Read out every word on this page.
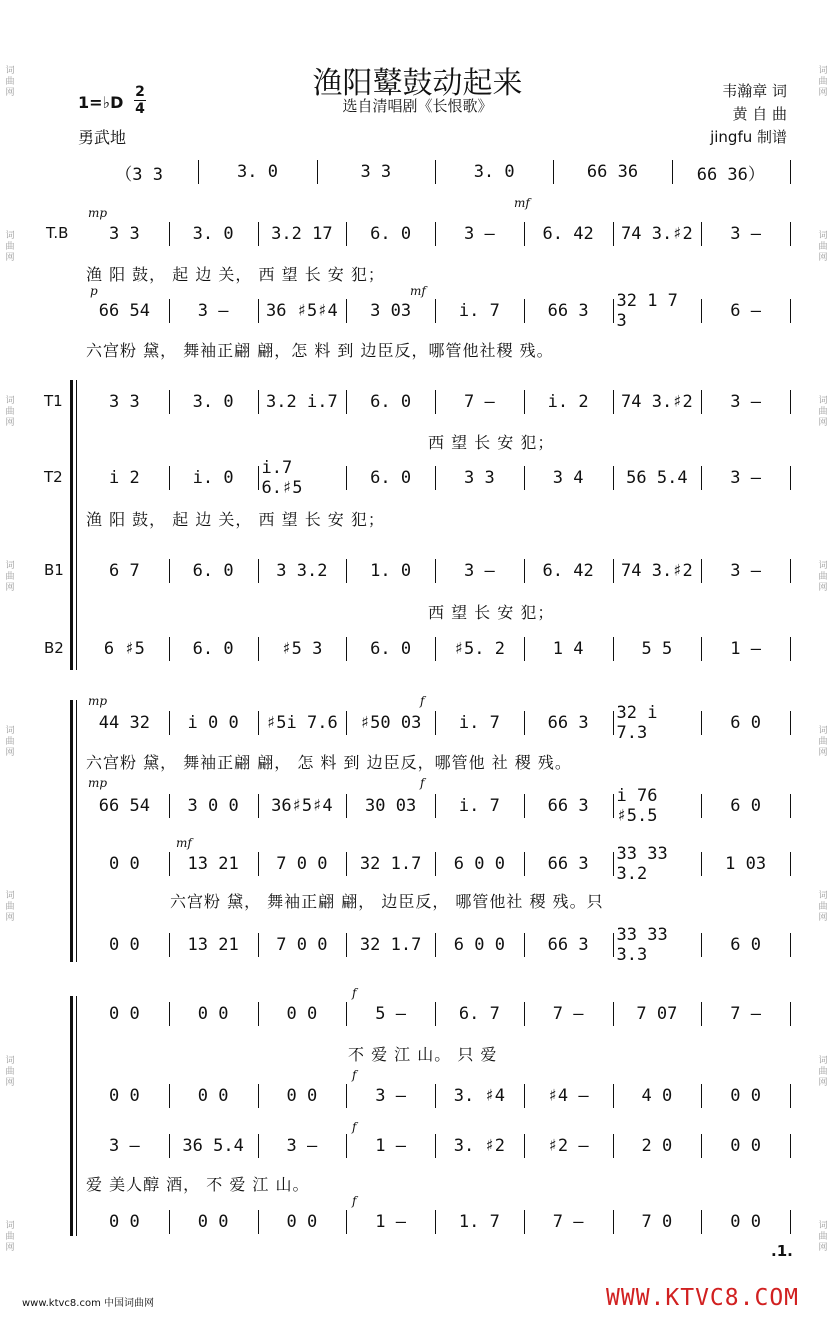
词曲网
词曲网
词曲网
词曲网
词曲网
词曲网
词曲网
词曲网
词曲网
词曲网
词曲网
词曲网
词曲网
词曲网
词曲网
词曲网
渔阳鼙鼓动起来
选自清唱剧《长恨歌》
1=♭D
2
4
勇武地
韦瀚章 词
黄 自 曲
jingfu 制谱
（3 3	3. 0	3 3	3. 0	66 36	66 36）
T.B	3 3	3. 0	3.2 17	6. 0	3 –	6. 42	74 3.♯2	3 –
mp
mf
渔 阳 鼓， 起 边 关， 西 望 长 安 犯；
p	mf
66 54	3 –	36 ♯5♯4	3 03	i. 7	66 3	32 1 7 3	6 –
六宫粉 黛， 舞袖正翩 翩，怎 料 到 边臣反，哪管他社稷 残。
T1	3 3	3. 0	3.2 i.7	6. 0	7 –	i. 2	74 3.♯2	3 –
西 望 长 安 犯；
T2	i 2	i. 0	i.7 6.♯5	6. 0	3 3	3 4	56 5.4	3 –
渔 阳 鼓， 起 边 关， 西 望 长 安 犯；
B1	6 7	6. 0	3 3.2	1. 0	3 –	6. 42	74 3.♯2	3 –
西 望 长 安 犯；
B2	6 ♯5	6. 0	♯5 3	6. 0	♯5. 2	1 4	5 5	1 –
mp	f
44 32	i 0 0	♯5i 7.6	♯50 03	i. 7	66 3	32 i 7.3	6 0
六宫粉 黛， 舞袖正翩 翩， 怎 料 到 边臣反，哪管他 社 稷 残。
mp	f
66 54	3 0 0	36♯5♯4	30 03	i. 7	66 3	i 76 ♯5.5	6 0
mf
0 0	13 21	7 0 0	32 1.7	6 0 0	66 3	33 33 3.2	1 03
六宫粉 黛， 舞袖正翩 翩， 边臣反， 哪管他社 稷 残。只
0 0	13 21	7 0 0	32 1.7	6 0 0	66 3	33 33 3.3	6 0
f
0 0	0 0	0 0	5 –	6. 7	7 –	7 07	7 –
不 爱 江 山。 只 爱
f
0 0	0 0	0 0	3 –	3. ♯4	♯4 –	4 0	0 0
f
3 –	36 5.4	3 –	1 –	3. ♯2	♯2 –	2 0	0 0
爱 美人醇 酒， 不 爱 江 山。
f
0 0	0 0	0 0	1 –	1. 7	7 –	7 0	0 0
.1.
www.ktvc8.com 中国词曲网	WWW.KTVC8.COM
